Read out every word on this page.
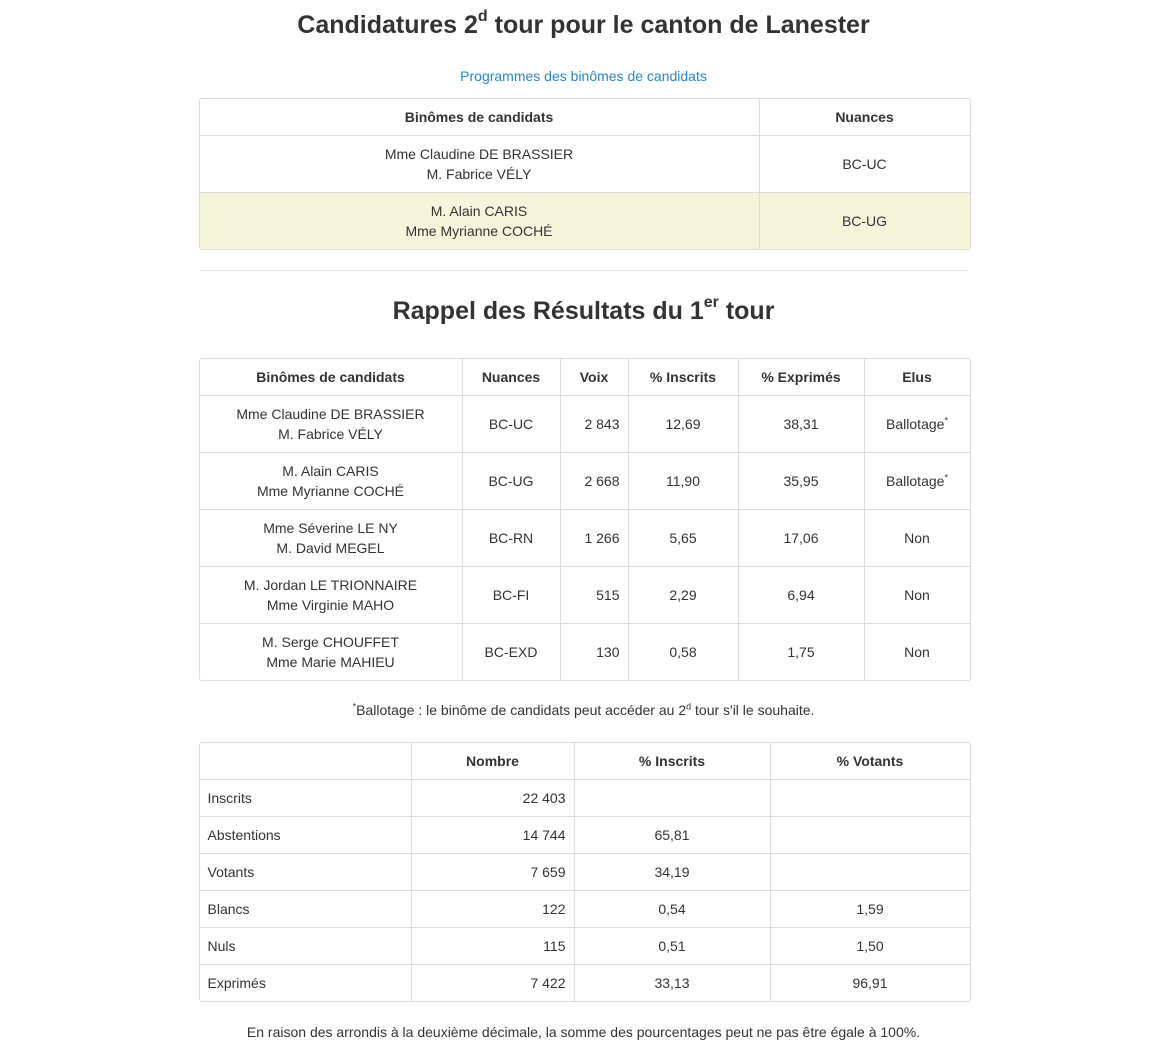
Candidatures 2$^d$ tour pour le canton de Lanester
Programmes des binômes de candidats
Binômes de candidats	Nuances

Mme Claudine DE BRASSIER
M. Fabrice VÉLY	BC-UC

M. Alain CARIS
Mme Myrianne COCHÉ	BC-UG
Rappel des Résultats du 1er tour
Binômes de candidats	Nuances	Voix	% Inscrits	% Exprimés	Elus

Mme Claudine DE BRASSIER
M. Fabrice VÉLY	BC-UC	2 843	12,69	38,31	Ballotage*

M. Alain CARIS
Mme Myrianne COCHÉ	BC-UG	2 668	11,90	35,95	Ballotage*

Mme Séverine LE NY
M. David MEGEL	BC-RN	1 266	5,65	17,06	Non

M. Jordan LE TRIONNAIRE
Mme Virginie MAHO	BC-FI	515	2,29	6,94	Non

M. Serge CHOUFFET
Mme Marie MAHIEU	BC-EXD	130	0,58	1,75	Non
*Ballotage : le binôme de candidats peut accéder au 2$^d$ tour s'il le souhaite.
	Nombre	% Inscrits	% Votants
Inscrits	22 403		
Abstentions	14 744	65,81	
Votants	7 659	34,19	
Blancs	122	0,54	1,59
Nuls	115	0,51	1,50
Exprimés	7 422	33,13	96,91
En raison des arrondis à la deuxième décimale, la somme des pourcentages peut ne pas être égale à 100%.
